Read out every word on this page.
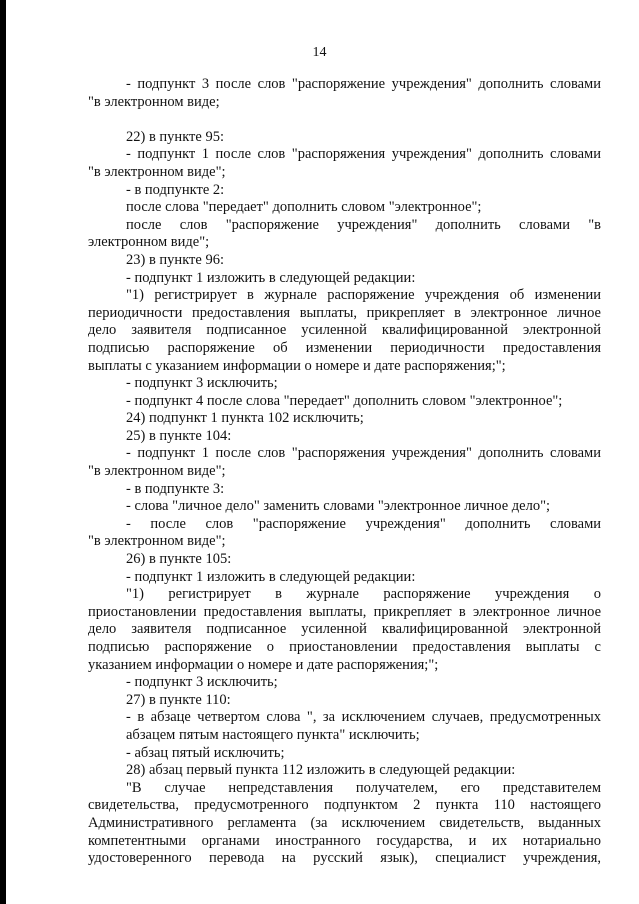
14
- подпункт 3 после слов "распоряжение учреждения" дополнить словами
"в электронном виде;
22) в пункте 95:
- подпункт 1 после слов "распоряжения учреждения" дополнить словами
"в электронном виде";
- в подпункте 2:
после слова "передает" дополнить словом "электронное";
после слов "распоряжение учреждения" дополнить словами "в
электронном виде";
23) в пункте 96:
- подпункт 1 изложить в следующей редакции:
"1) регистрирует в журнале распоряжение учреждения об изменении
периодичности предоставления выплаты, прикрепляет в электронное личное
дело заявителя подписанное усиленной квалифицированной электронной
подписью распоряжение об изменении периодичности предоставления
выплаты с указанием информации о номере и дате распоряжения;";
- подпункт 3 исключить;
- подпункт 4 после слова "передает" дополнить словом "электронное";
24) подпункт 1 пункта 102 исключить;
25) в пункте 104:
- подпункт 1 после слов "распоряжения учреждения" дополнить словами
"в электронном виде";
- в подпункте 3:
- слова "личное дело" заменить словами "электронное личное дело";
- после слов "распоряжение учреждения" дополнить словами
"в электронном виде";
26) в пункте 105:
- подпункт 1 изложить в следующей редакции:
"1) регистрирует в журнале распоряжение учреждения о
приостановлении предоставления выплаты, прикрепляет в электронное личное
дело заявителя подписанное усиленной квалифицированной электронной
подписью распоряжение о приостановлении предоставления выплаты с
указанием информации о номере и дате распоряжения;";
- подпункт 3 исключить;
27) в пункте 110:
- в абзаце четвертом слова ", за исключением случаев, предусмотренных
абзацем пятым настоящего пункта" исключить;
- абзац пятый исключить;
28) абзац первый пункта 112 изложить в следующей редакции:
"В случае непредставления получателем, его представителем
свидетельства, предусмотренного подпунктом 2 пункта 110 настоящего
Административного регламента (за исключением свидетельств, выданных
компетентными органами иностранного государства, и их нотариально
удостоверенного перевода на русский язык), специалист учреждения,
